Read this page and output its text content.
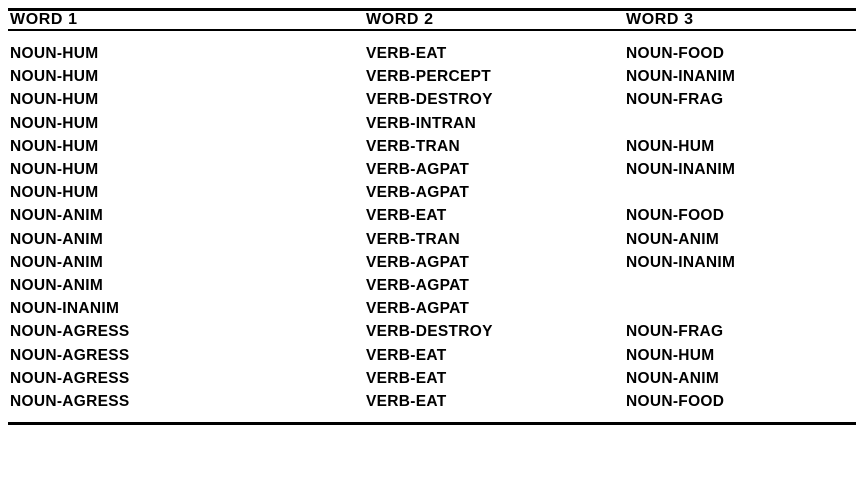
WORD 1	WORD 2	WORD 3

NOUN-HUM	VERB-EAT	NOUN-FOOD
NOUN-HUM	VERB-PERCEPT	NOUN-INANIM
NOUN-HUM	VERB-DESTROY	NOUN-FRAG
NOUN-HUM	VERB-INTRAN	
NOUN-HUM	VERB-TRAN	NOUN-HUM
NOUN-HUM	VERB-AGPAT	NOUN-INANIM
NOUN-HUM	VERB-AGPAT	
NOUN-ANIM	VERB-EAT	NOUN-FOOD
NOUN-ANIM	VERB-TRAN	NOUN-ANIM
NOUN-ANIM	VERB-AGPAT	NOUN-INANIM
NOUN-ANIM	VERB-AGPAT	
NOUN-INANIM	VERB-AGPAT	
NOUN-AGRESS	VERB-DESTROY	NOUN-FRAG
NOUN-AGRESS	VERB-EAT	NOUN-HUM
NOUN-AGRESS	VERB-EAT	NOUN-ANIM
NOUN-AGRESS	VERB-EAT	NOUN-FOOD
